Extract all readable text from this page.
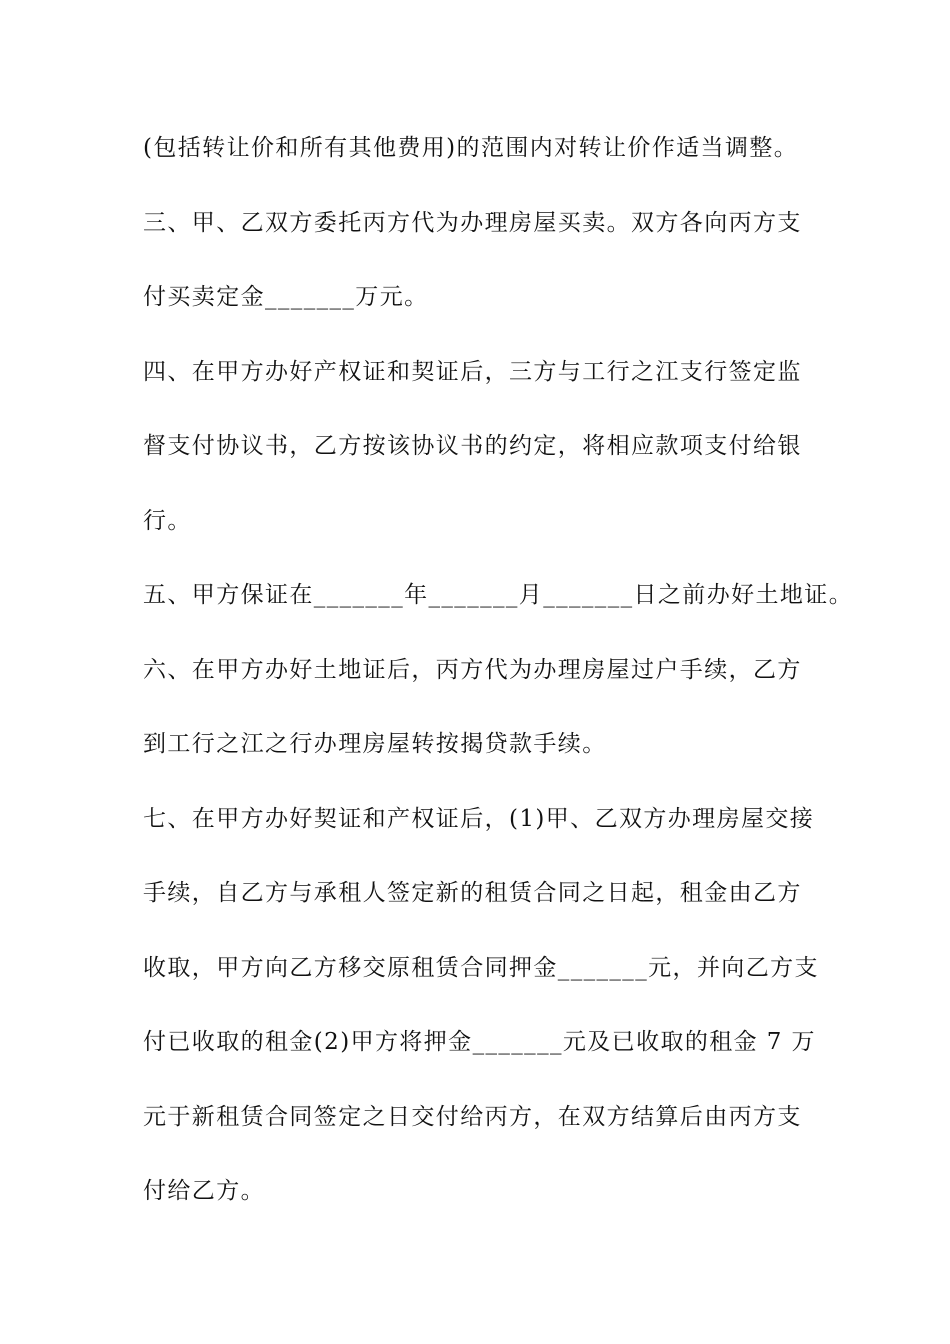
(包括转让价和所有其他费用)的范围内对转让价作适当调整。
三、甲、乙双方委托丙方代为办理房屋买卖。双方各向丙方支
付买卖定金_______万元。
四、在甲方办好产权证和契证后，三方与工行之江支行签定监
督支付协议书，乙方按该协议书的约定，将相应款项支付给银
行。
五、甲方保证在_______年_______月_______日之前办好土地证。
六、在甲方办好土地证后，丙方代为办理房屋过户手续，乙方
到工行之江之行办理房屋转按揭贷款手续。
七、在甲方办好契证和产权证后，(1)甲、乙双方办理房屋交接
手续，自乙方与承租人签定新的租赁合同之日起，租金由乙方
收取，甲方向乙方移交原租赁合同押金_______元，并向乙方支
付已收取的租金(2)甲方将押金_______元及已收取的租金 7 万
元于新租赁合同签定之日交付给丙方，在双方结算后由丙方支
付给乙方。
